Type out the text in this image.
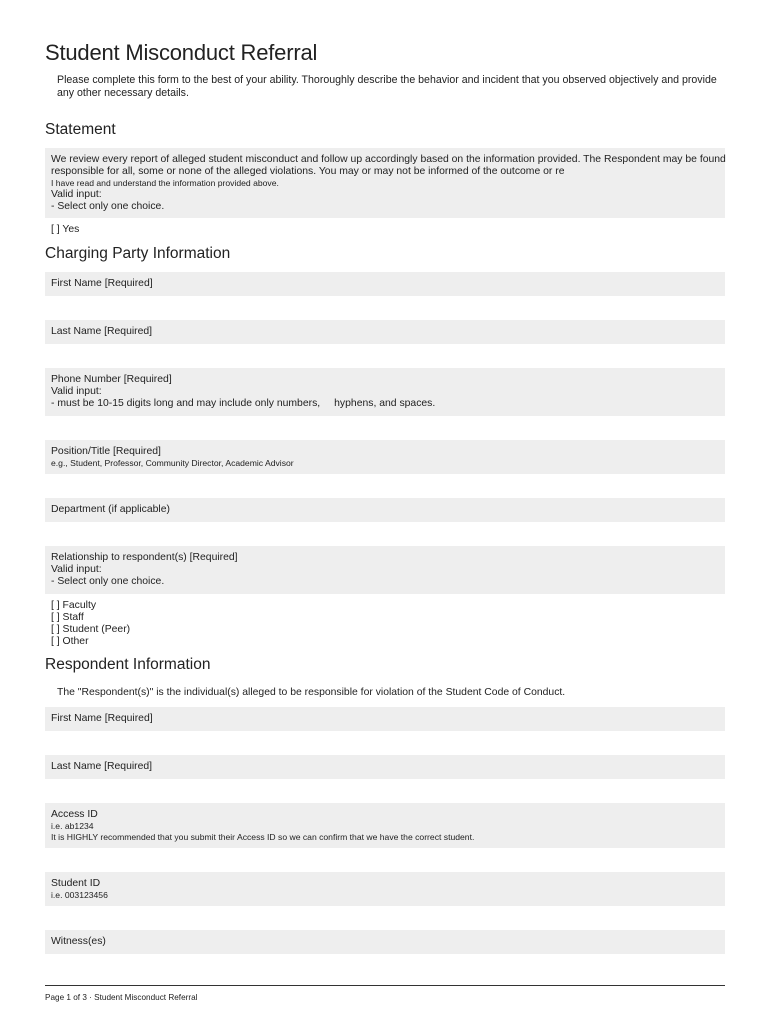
Student Misconduct Referral

Please complete this form to the best of your ability. Thoroughly describe the behavior and incident that you observed objectively and provide any other necessary details.

Statement
We review every report of alleged student misconduct and follow up accordingly based on the information provided. The Respondent may be found
responsible for all, some or none of the alleged violations. You may or may not be informed of the outcome or re
I have read and understand the information provided above.
Valid input:
- Select only one choice.
[ ] Yes
Charging Party Information
First Name [Required]
Last Name [Required]
Phone Number [Required]
Valid input:
- must be 10-15 digits long and may include only numbers, hyphens, and spaces.
Position/Title [Required]
e.g., Student, Professor, Community Director, Academic Advisor
Department (if applicable)
Relationship to respondent(s) [Required]
Valid input:
- Select only one choice.
[ ] Faculty
[ ] Staff
[ ] Student (Peer)
[ ] Other
Respondent Information
The "Respondent(s)" is the individual(s) alleged to be responsible for violation of the Student Code of Conduct.
First Name [Required]
Last Name [Required]
Access ID
i.e. ab1234
It is HIGHLY recommended that you submit their Access ID so we can confirm that we have the correct student.
Student ID
i.e. 003123456
Witness(es)
Page 1 of 3 · Student Misconduct Referral
